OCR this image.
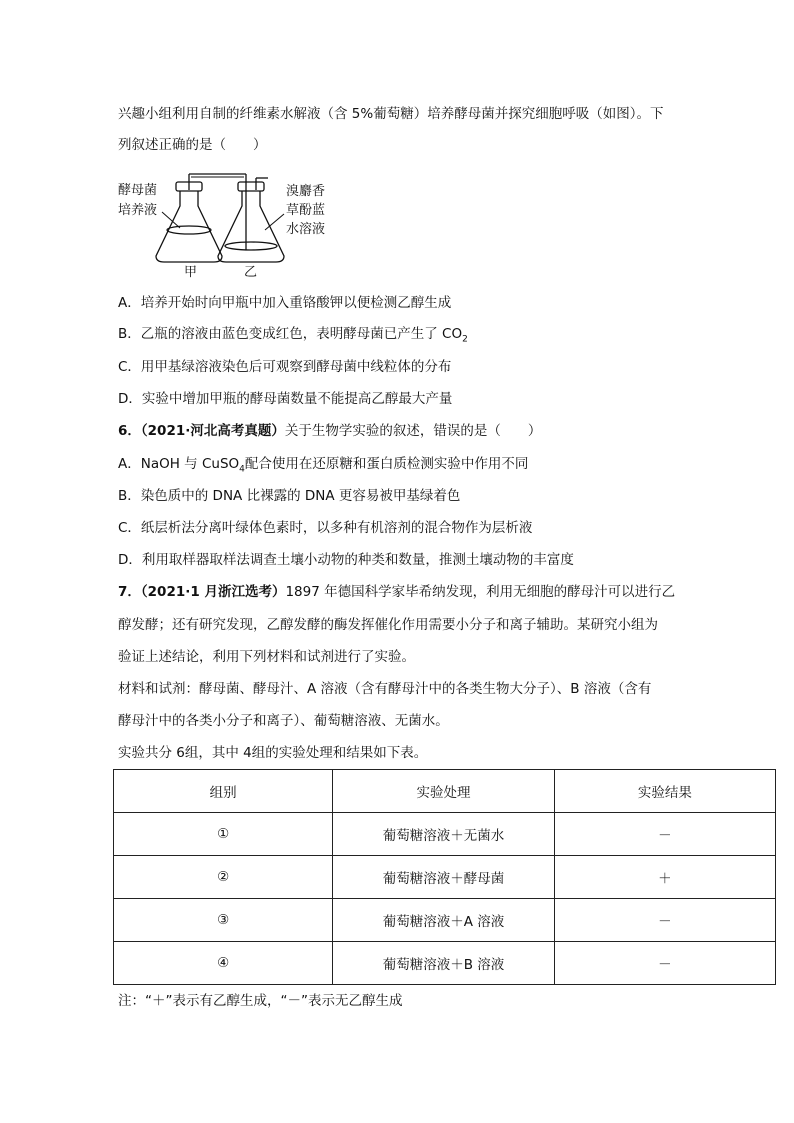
兴趣小组利用自制的纤维素水解液（含 5%葡萄糖）培养酵母菌并探究细胞呼吸（如图）。下
列叙述正确的是（　　）
酵母菌
培养液
溴麝香
草酚蓝
水溶液
甲	乙
A．培养开始时向甲瓶中加入重铬酸钾以便检测乙醇生成
B．乙瓶的溶液由蓝色变成红色，表明酵母菌已产生了 $CO_2$
C．用甲基绿溶液染色后可观察到酵母菌中线粒体的分布
D．实验中增加甲瓶的酵母菌数量不能提高乙醇最大产量
6．（2021·河北高考真题）关于生物学实验的叙述，错误的是（　　）
A．NaOH 与 CuSO$_4$配合使用在还原糖和蛋白质检测实验中作用不同
B．染色质中的 DNA 比裸露的 DNA 更容易被甲基绿着色
C．纸层析法分离叶绿体色素时，以多种有机溶剂的混合物作为层析液
D．利用取样器取样法调查土壤小动物的种类和数量，推测土壤动物的丰富度
7．（2021·1 月浙江选考）1897 年德国科学家毕希纳发现，利用无细胞的酵母汁可以进行乙
醇发酵；还有研究发现，乙醇发酵的酶发挥催化作用需要小分子和离子辅助。某研究小组为
验证上述结论，利用下列材料和试剂进行了实验。
材料和试剂：酵母菌、酵母汁、A 溶液（含有酵母汁中的各类生物大分子）、B 溶液（含有
酵母汁中的各类小分子和离子）、葡萄糖溶液、无菌水。
实验共分 6组，其中 4组的实验处理和结果如下表。
组别	实验处理	实验结果
①	葡萄糖溶液＋无菌水	－
②	葡萄糖溶液＋酵母菌	＋
③	葡萄糖溶液＋A 溶液	－
④	葡萄糖溶液＋B 溶液	－
注：“＋”表示有乙醇生成，“－”表示无乙醇生成
